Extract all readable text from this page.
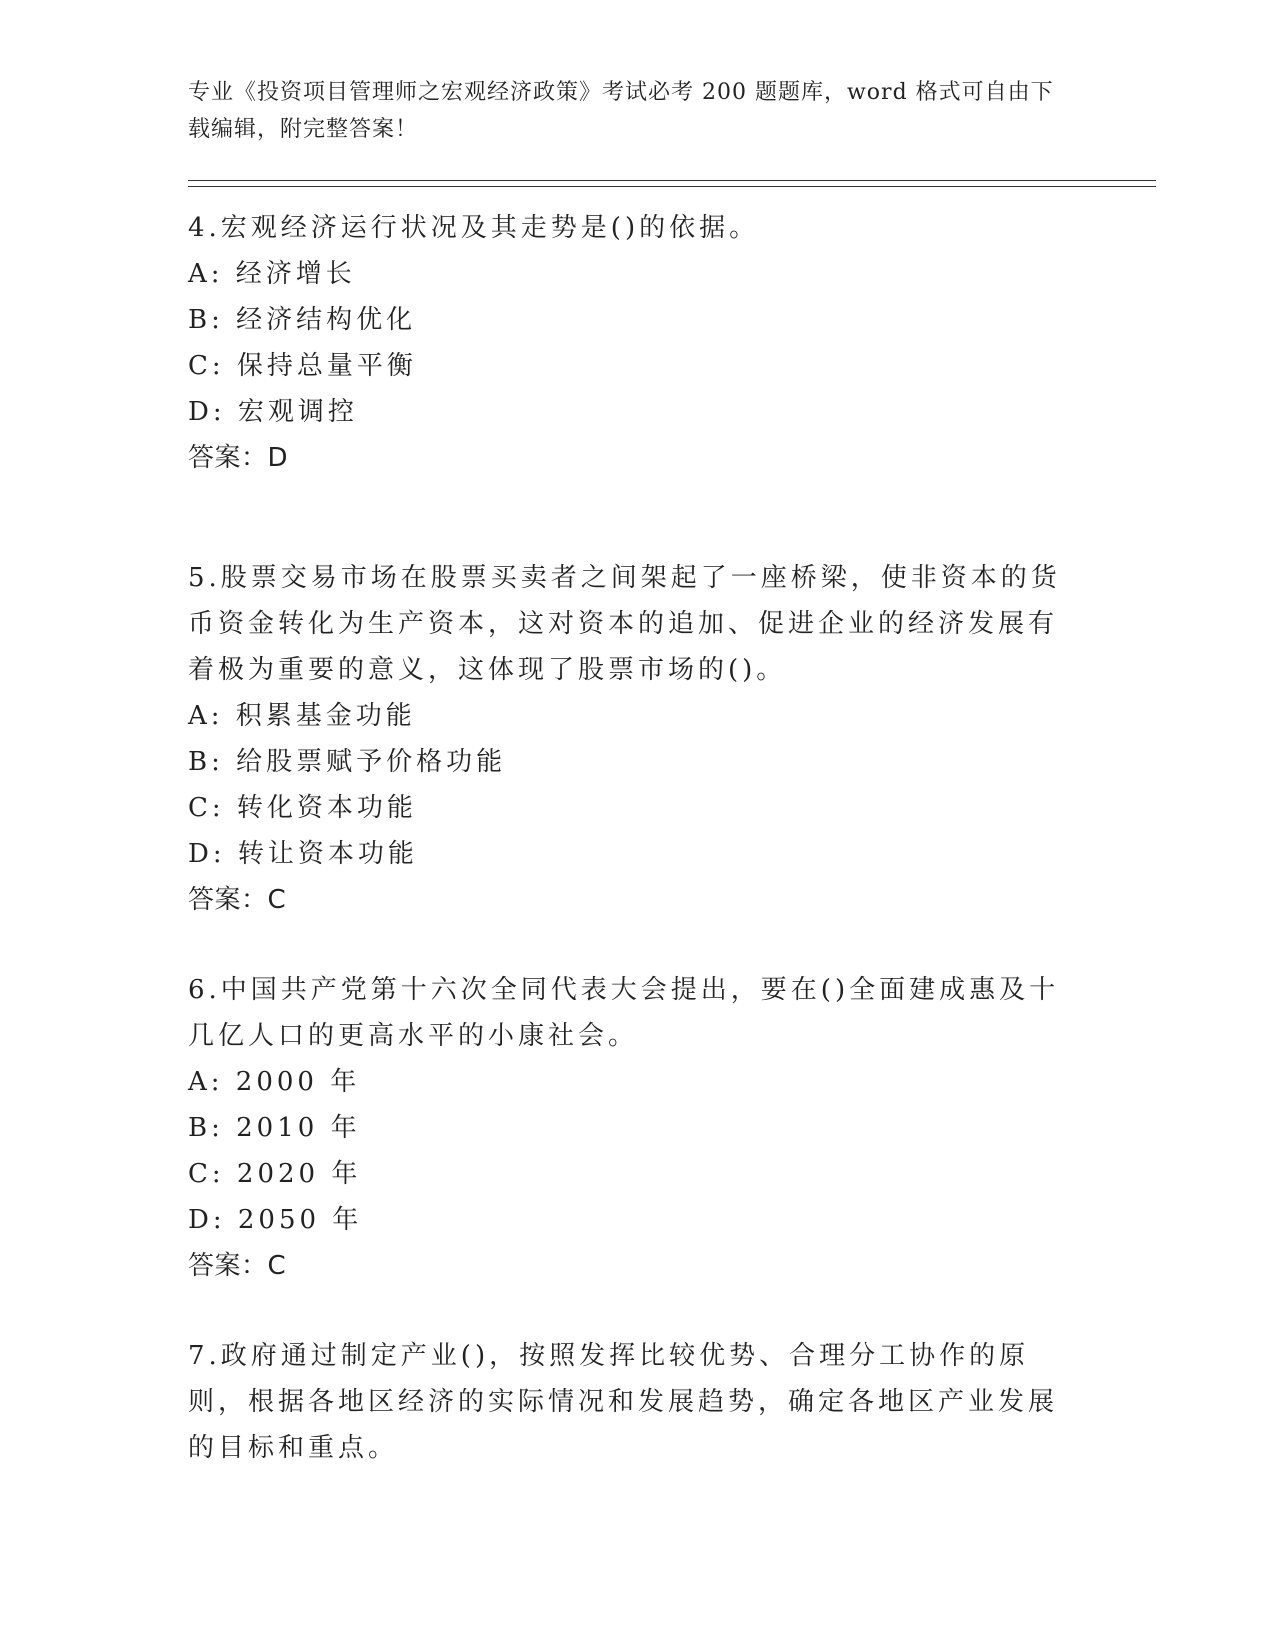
专业《投资项目管理师之宏观经济政策》考试必考 200 题题库，word 格式可自由下载编辑，附完整答案！
4.宏观经济运行状况及其走势是()的依据。
A: 经济增长
B: 经济结构优化
C: 保持总量平衡
D: 宏观调控
答案：D
5.股票交易市场在股票买卖者之间架起了一座桥梁，使非资本的货币资金转化为生产资本，这对资本的追加、促进企业的经济发展有着极为重要的意义，这体现了股票市场的()。
A: 积累基金功能
B: 给股票赋予价格功能
C: 转化资本功能
D: 转让资本功能
答案：C
6.中国共产党第十六次全同代表大会提出，要在()全面建成惠及十几亿人口的更高水平的小康社会。
A: 2000 年
B: 2010 年
C: 2020 年
D: 2050 年
答案：C
7.政府通过制定产业()，按照发挥比较优势、合理分工协作的原则，根据各地区经济的实际情况和发展趋势，确定各地区产业发展的目标和重点。
